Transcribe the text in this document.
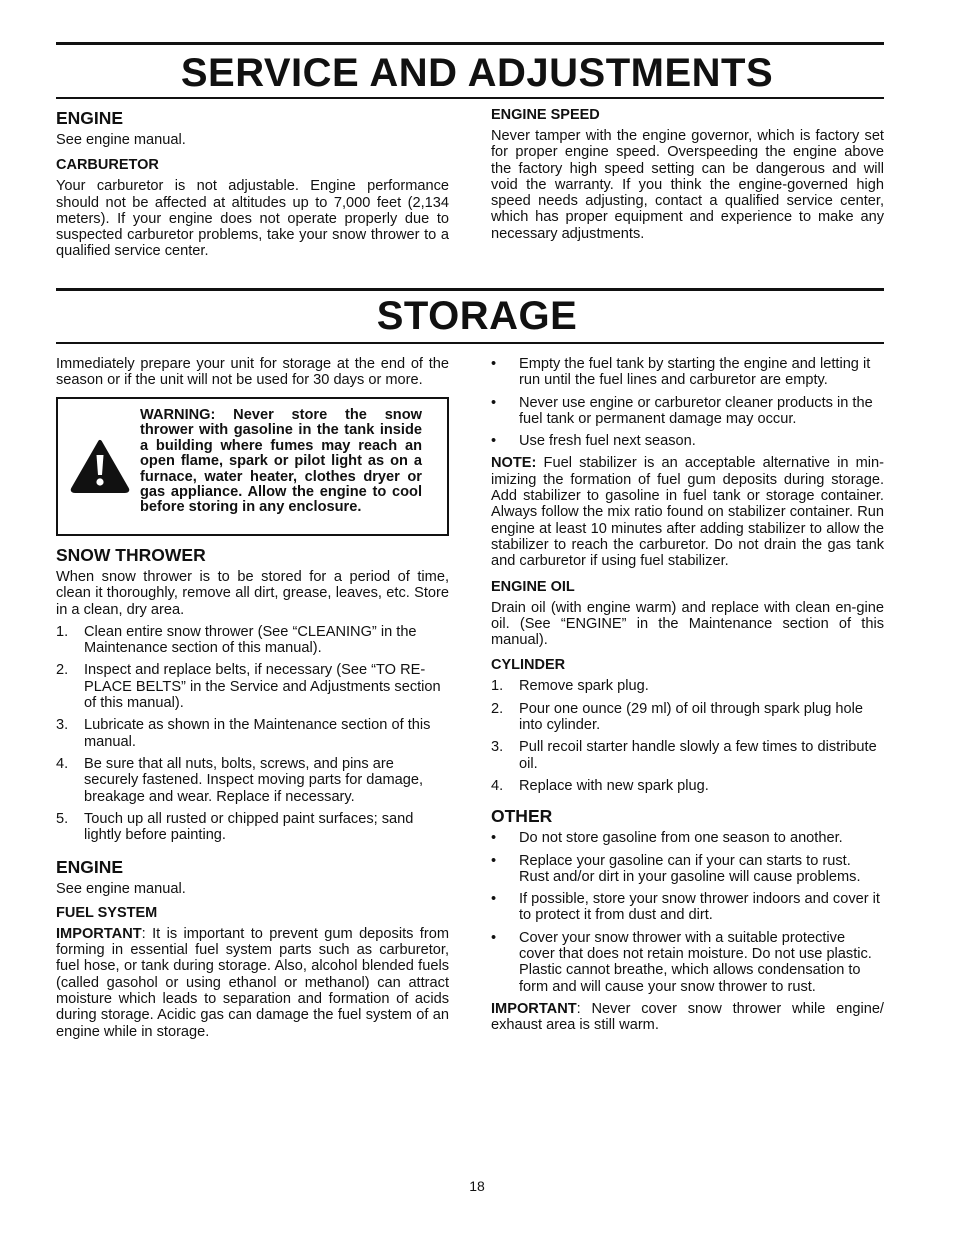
SERVICE AND ADJUSTMENTS
ENGINE

See engine manual.

CARBURETOR

Your carburetor is not adjustable. Engine performance should not be affected at altitudes up to 7,000 feet (2,134 meters). If your engine does not operate properly due to suspected carburetor problems, take your snow thrower to a qualified service center.

ENGINE SPEED

Never tamper with the engine governor, which is factory set for proper engine speed. Overspeeding the engine above the factory high speed setting can be dangerous and will void the warranty. If you think the engine-governed high speed needs adjusting, contact a qualified service center, which has proper equipment and experience to make any necessary adjustments.

STORAGE

Immediately prepare your unit for storage at the end of the season or if the unit will not be used for 30 days or more.

WARNING: Never store the snow thrower with gasoline in the tank inside a building where fumes may reach an open flame, spark or pilot light as on a furnace, water heater, clothes dryer or gas appliance. Allow the engine to cool before storing in any enclosure.
SNOW THROWER

When snow thrower is to be stored for a period of time, clean it thoroughly, remove all dirt, grease, leaves, etc. Store in a clean, dry area.

1. Clean entire snow thrower (See “CLEANING” in the Maintenance section of this manual).
2. Inspect and replace belts, if necessary (See “TO RE-PLACE BELTS” in the Service and Adjustments section of this manual).
3. Lubricate as shown in the Maintenance section of this manual.
4. Be sure that all nuts, bolts, screws, and pins are securely fastened. Inspect moving parts for damage, breakage and wear. Replace if necessary.
5. Touch up all rusted or chipped paint surfaces; sand lightly before painting.
ENGINE

See engine manual.

FUEL SYSTEM

IMPORTANT: It is important to prevent gum deposits from forming in essential fuel system parts such as carburetor, fuel hose, or tank during storage. Also, alcohol blended fuels (called gasohol or using ethanol or methanol) can attract moisture which leads to separation and formation of acids during storage. Acidic gas can damage the fuel system of an engine while in storage.

• Empty the fuel tank by starting the engine and letting it run until the fuel lines and carburetor are empty.
• Never use engine or carburetor cleaner products in the fuel tank or permanent damage may occur.
• Use fresh fuel next season.

NOTE: Fuel stabilizer is an acceptable alternative in min-imizing the formation of fuel gum deposits during storage. Add stabilizer to gasoline in fuel tank or storage container. Always follow the mix ratio found on stabilizer container. Run engine at least 10 minutes after adding stabilizer to allow the stabilizer to reach the carburetor. Do not drain the gas tank and carburetor if using fuel stabilizer.

ENGINE OIL

Drain oil (with engine warm) and replace with clean en-gine oil. (See “ENGINE” in the Maintenance section of this manual).

CYLINDER
1. Remove spark plug.
2. Pour one ounce (29 ml) of oil through spark plug hole into cylinder.
3. Pull recoil starter handle slowly a few times to distribute oil.
4. Replace with new spark plug.
OTHER
• Do not store gasoline from one season to another.
• Replace your gasoline can if your can starts to rust. Rust and/or dirt in your gasoline will cause problems.
• If possible, store your snow thrower indoors and cover it to protect it from dust and dirt.
• Cover your snow thrower with a suitable protective cover that does not retain moisture. Do not use plastic. Plastic cannot breathe, which allows condensation to form and will cause your snow thrower to rust.

IMPORTANT: Never cover snow thrower while engine/ exhaust area is still warm.

18
